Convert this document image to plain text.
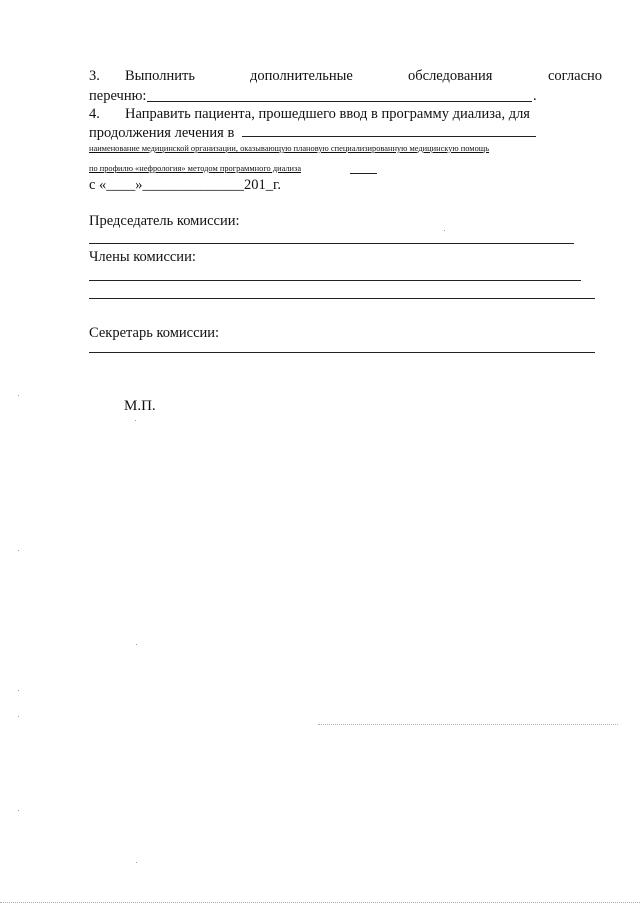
3. Выполнить	дополнительные	обследования	согласно
перечню:	.
4. Направить пациента, прошедшего ввод в программу диализа, для
продолжения лечения в
наименование медицинской организации, оказывающую плановую специализированную медицинскую помощь
по профилю «нефрология» методом программного диализа
с «____»______________201_г.
Председатель комиссии:
Члены комиссии:
Секретарь комиссии:
М.П.
